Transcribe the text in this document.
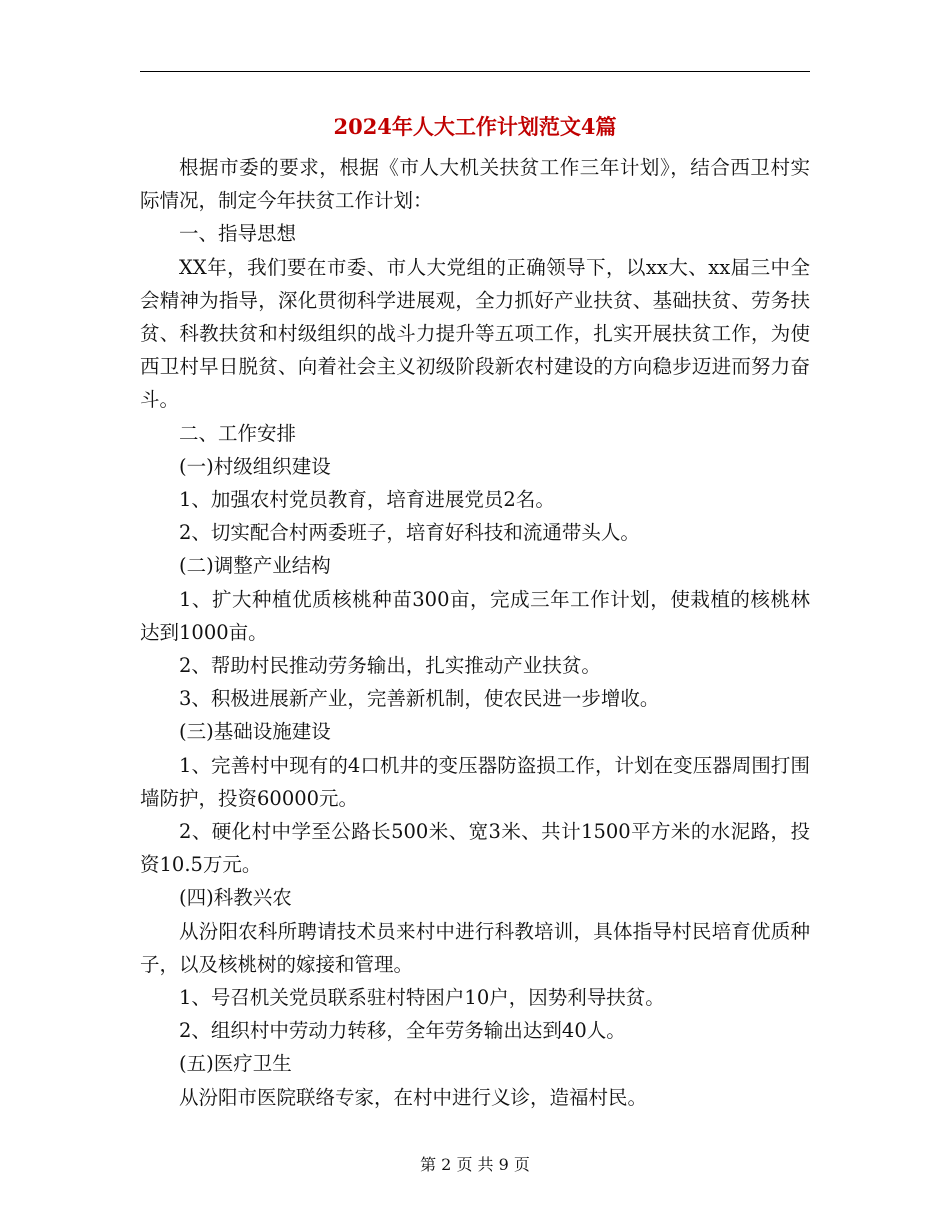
2024年人大工作计划范文4篇

根据市委的要求，根据《市人大机关扶贫工作三年计划》，结合西卫村实际情况，制定今年扶贫工作计划：

一、指导思想

XX年，我们要在市委、市人大党组的正确领导下，以xx大、xx届三中全会精神为指导，深化贯彻科学进展观，全力抓好产业扶贫、基础扶贫、劳务扶贫、科教扶贫和村级组织的战斗力提升等五项工作，扎实开展扶贫工作，为使西卫村早日脱贫、向着社会主义初级阶段新农村建设的方向稳步迈进而努力奋斗。

二、工作安排

(一)村级组织建设

1、加强农村党员教育，培育进展党员2名。

2、切实配合村两委班子，培育好科技和流通带头人。

(二)调整产业结构

1、扩大种植优质核桃种苗300亩，完成三年工作计划，使栽植的核桃林达到1000亩。

2、帮助村民推动劳务输出，扎实推动产业扶贫。

3、积极进展新产业，完善新机制，使农民进一步增收。

(三)基础设施建设

1、完善村中现有的4口机井的变压器防盗损工作，计划在变压器周围打围墙防护，投资60000元。

2、硬化村中学至公路长500米、宽3米、共计1500平方米的水泥路，投资10.5万元。

(四)科教兴农

从汾阳农科所聘请技术员来村中进行科教培训，具体指导村民培育优质种子，以及核桃树的嫁接和管理。

1、号召机关党员联系驻村特困户10户，因势利导扶贫。

2、组织村中劳动力转移，全年劳务输出达到40人。

(五)医疗卫生

从汾阳市医院联络专家，在村中进行义诊，造福村民。

第 2 页 共 9 页
